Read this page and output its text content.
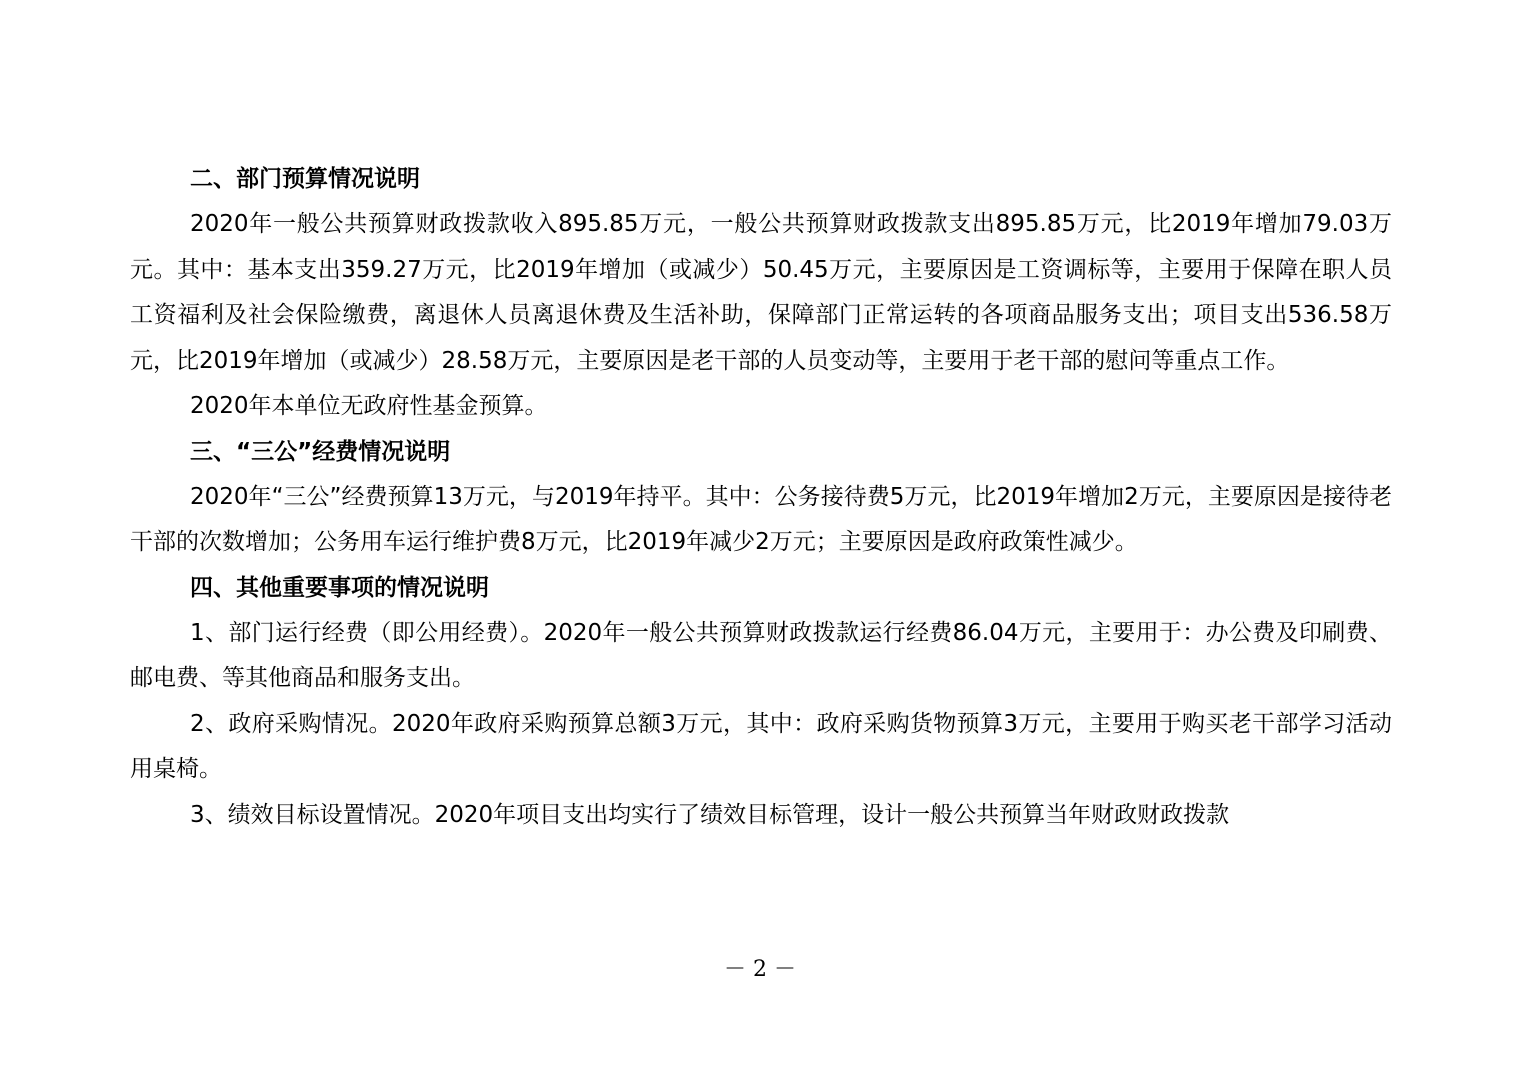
二、部门预算情况说明

2020年一般公共预算财政拨款收入895.85万元，一般公共预算财政拨款支出895.85万元，比2019年增加79.03万元。其中：基本支出359.27万元，比2019年增加（或减少）50.45万元，主要原因是工资调标等，主要用于保障在职人员工资福利及社会保险缴费，离退休人员离退休费及生活补助，保障部门正常运转的各项商品服务支出；项目支出536.58万元，比2019年增加（或减少）28.58万元，主要原因是老干部的人员变动等，主要用于老干部的慰问等重点工作。

2020年本单位无政府性基金预算。

三、“三公”经费情况说明

2020年“三公”经费预算13万元，与2019年持平。其中：公务接待费5万元，比2019年增加2万元，主要原因是接待老干部的次数增加；公务用车运行维护费8万元，比2019年减少2万元；主要原因是政府政策性减少。

四、其他重要事项的情况说明

1、部门运行经费（即公用经费）。2020年一般公共预算财政拨款运行经费86.04万元，主要用于：办公费及印刷费、邮电费、等其他商品和服务支出。

2、政府采购情况。2020年政府采购预算总额3万元，其中：政府采购货物预算3万元，主要用于购买老干部学习活动用桌椅。

3、绩效目标设置情况。2020年项目支出均实行了绩效目标管理，设计一般公共预算当年财政财政拨款

－ 2 －
